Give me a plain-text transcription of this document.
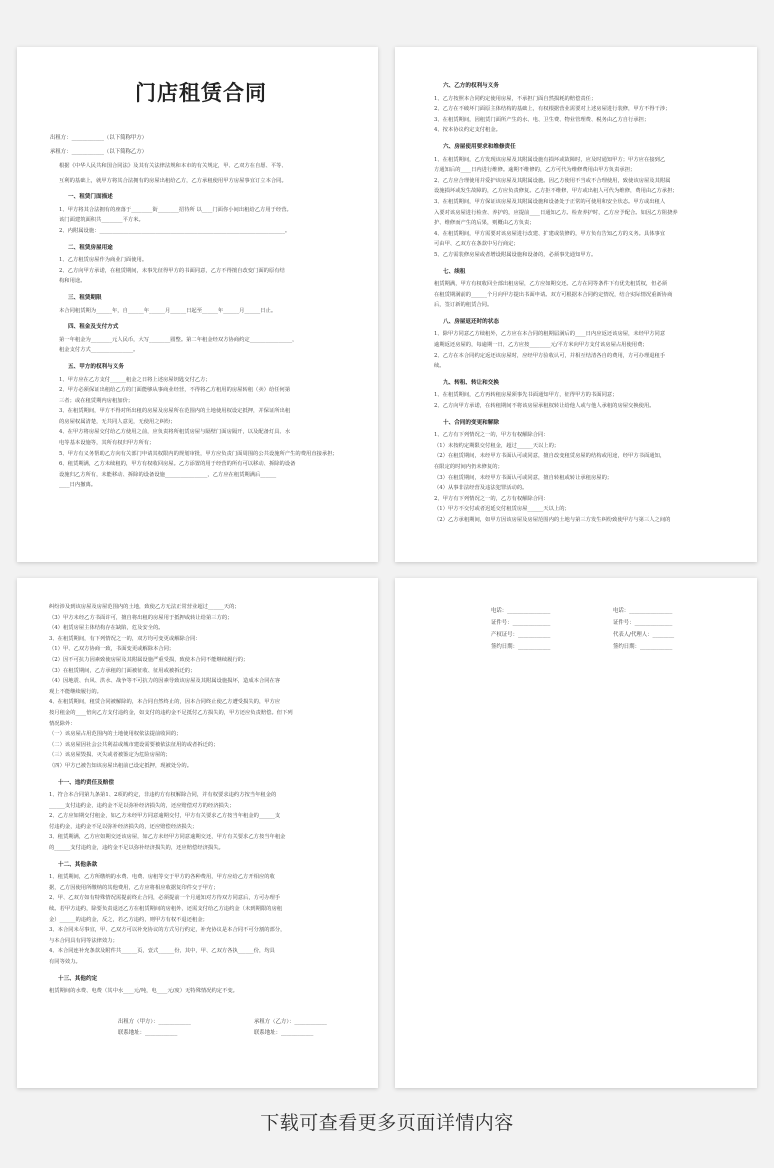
门店租赁合同
出租方：____________（以下简称甲方）
承租方：____________（以下简称乙方）
根据《中华人民共和国合同法》及其有关法律法规和本市的有关规定，甲、乙双方在自愿、平等、
互利的基础上，就甲方将其合法拥有的房屋出租给乙方，乙方承租使用甲方房屋事宜订立本合同。
一、租赁门面描述
1、甲方将其合法拥有的座落于________街________招待所 以____门面你小间出租给乙方用于经营。
该门面建筑面积共________平方米。
2、内附属设施：______________________________________________________________________。
二、租赁房屋用途
1、乙方租赁房屋作为商业门面使用。
2、乙方向甲方承诺，在租赁期间，未事先征得甲方的书面同意，乙方不得擅自改变门面的原有结
构和用途。
三、租赁期限
本合同租赁期为______年，自______年______月______日起至______年______月______日止。
四、租金及支付方式
第一年租金为________元人民币，大写________圆整。第二年租金经双方协商约定________________，
租金支付方式________________。
五、甲方的权利与义务
1、甲方应在乙方支付______租金之日将上述房屋钥匙交付乙方；
2、甲方必须保证出租给乙方的门面能够从事商业经营，不得将乙方租用的房屋转租（卖）给任何第
三者；或在租赁期内房租加价；
3、在租赁期间，甲方不得对所出租的房屋及房屋所在范围内的土地使用权设定抵押，并保证所出租
的房屋权属清楚，无共同人意见，无使用之纠纷；
4、在甲方将房屋交付给乙方使用之前，应负责将所租赁房屋与隔壁门面房隔开，以及配备灯具、水
电等基本设施等，其所有权归甲方所有；
5、甲方有义务帮助乙方向有关部门申请其权限内的规划审批，甲方应负责门面周围的公共设施所产生的费用直接承担；
6、租赁期满，乙方未续租的，甲方有权收回房屋。乙方添置的用于经营的所有可以移动、拆除的设备
设施归乙方所有，未能移动、拆除的设备设施________________，乙方应在租赁期满后______
____日内撤离。
六、乙方的权利与义务
1、乙方按照本合同约定使用房屋，不承担门面自然损耗的赔偿责任；
2、乙方在不破坏门面原主体结构的基础上，有权根据营业需要对上述房屋进行装修，甲方不得干涉；
3、在租赁期间，因租赁门面所产生的水、电、卫生费、物业管理费、税务由乙方自行承担；
4、按本协议约定支付租金。
六、房屋使用要求和维修责任
1、在租赁期间，乙方发现该房屋及其附属设施有损坏或故障时，应及时通知甲方；甲方应在接到乙
方通知后的____日内进行维修。逾期不维修的，乙方可代为维修费用由甲方负责承担；
2、乙方应合理使用并爱护该房屋及其附属设施。因乙方使用不当或不合理使用，致使该房屋及其附属
设施损坏或发生故障的，乙方应负责修复。乙方拒不维修，甲方或出租人可代为维修，费用由乙方承担；
3、在租赁期间，甲方保证该房屋及其附属设施和设备处于正常的可使用和安全状态。甲方或出租人
入要对该房屋进行检查、养护的，应提前____日通知乙方。检查养护时，乙方应予配合。如因乙方阻挠养
护、维修而产生的后果，则概由乙方负责；
4、在租赁期间，甲方需要对该房屋进行改建、扩建或装修的，甲方负有告知乙方的义务。具体事宜
可由甲、乙双方在条款中另行商定；
5、乙方需装修房屋或者增设附属设施和设备的，必须事先通知甲方。
七、续租
租赁期满，甲方有权收回全部出租房屋，乙方应如期交还。乙方在同等条件下有优先租赁权，但必须
在租赁期满前的______个月向甲方提出书面申请。双方可根据本合同约定情况，结合实际情况重新协商
后，签订新的租赁合同。
八、房屋返还时的状态
1、除甲方同意乙方续租外，乙方应在本合同的租期届满后的____日内应返还该房屋，未经甲方同意
逾期返还房屋的，每逾期一日，乙方应按________元/平方米向甲方支付该房屋占用使用费；
2、乙方在本合同约定返还该房屋时，应经甲方验收认可，并相互结清各自的费用，方可办理退租手
续。
九、转租、转让和交换
1、在租赁期间，乙方再转租房屋须事先书面通知甲方，征得甲方的书面同意；
2、乙方向甲方承诺，在转租期间不将该房屋承租权转让给他人或与他人承租的房屋交换使用。
十、合同的变更和解除
1、乙方有下列情况之一的，甲方有权解除合同：
（1）未按约定期限交付租金，超过______天以上的；
（2）在租赁期间，未经甲方书面认可或同意，擅自改变租赁房屋的结构或用途，经甲方书面通知，
在限定的时间内仍未修复的；
（3）在租赁期间，未经甲方书面认可或同意，擅自转租或转让承租房屋的；
（4）从事非法经营及违法犯罪活动的。
2、甲方有下列情况之一的，乙方有权解除合同：
（1）甲方不交付或者迟延交付租赁房屋______天以上的；
（2）乙方承租期间，如甲方因该房屋及房屋范围内的土地与第三方发生纠纷致使甲方与第三人之间的
纠纷涉及到该房屋及房屋范围内的土地，致使乙方无法正常营业超过______天的；
（3）甲方未经乙方书面许可，擅自将出租的房屋用于抵押或转让给第三方的；
（4）租赁房屋主体结构存在缺陷，危及安全的。
3、在租赁期间，有下列情况之一的，双方均可变更或解除合同：
（1）甲、乙双方协商一致，书面变更或解除本合同；
（2）因不可抗力因素致使房屋及其附属设施严重受损，致使本合同不能继续履行的；
（3）在租赁期间，乙方承租的门面被征收、征用或被拆迁的；
（4）因地震、台风、洪水、战争等不可抗力的因素导致该房屋及其附属设施损坏，造成本合同在客
观上不能继续履行的。
4、在租赁期间，租赁合同被解除的，本合同自然终止的，因本合同终止使乙方遭受损失的，甲方应
按月租金的____倍向乙方支付违约金，如支付的违约金不足抵付乙方损失的，甲方还应负责赔偿。但下列
情况除外：
（一）该房屋占用范围内的土地使用权依法提前收回的；
（二）该房屋因社会公共利益或城市建设需要被依法征用的或者拆迁的；
（三）该房屋毁损、灭失或者被鉴定为危险房屋的；
（四）甲方已被告知该房屋出租前已设定抵押，现被处分的。
十一、违约责任及赔偿
1、符合本合同第九条第1、2项的约定，非违约方有权解除合同，并有权要求违约方按当年租金的
______支付违约金，违约金不足以弥补经济损失的，还应赔偿对方的经济损失；
2、乙方应如期交付租金，如乙方未经甲方同意逾期交付，甲方有关要求乙方按当年租金的______支
付违约金，违约金不足以弥补经济损失的，还应赔偿经济损失；
3、租赁期满，乙方应如期交还该房屋，如乙方未经甲方同意逾期交还，甲方有关要求乙方按当年租金
的______支付违约金，违约金不足以弥补经济损失的，还应赔偿经济损失。
十二、其他条款
1、租赁期间，乙方所缴纳的水费、电费、房租等交于甲方的各种费用，甲方应给乙方开相应的收
据，乙方因使用所缴纳的其他费用，乙方应将相应收据复印件交于甲方；
2、甲、乙双方如有特殊情况需提前终止合同，必须提前一个月通知对方待双方同意后，方可办理手
续。若甲方违约，除要负责退还乙方在租赁期间的房租外，还需支付给乙方违约金（未到期限的房租
金）______的违约金，反之，若乙方违约，则甲方有权不退还租金；
3、本合同未尽事宜，甲、乙双方可以补充协议的方式另行约定，补充协议是本合同不可分割的部分，
与本合同具有同等法律效力；
4、本合同连补充条款及附件共______页，壹式______份，其中，甲、乙双方各执______份，均具
有同等效力。
十三、其他约定
租赁期间的水费、电费（其中水____元/吨，电____元/度）无特殊情况约定不变。
出租方（甲方）：____________	承租方（乙方）：____________
联系地址：____________	联系地址：____________
电话：________________	电话：________________
证件号：______________	证件号：______________
产权证号：____________	代表人/代理人：________
签约日期：____________	签约日期：____________
下载可查看更多页面详情内容
